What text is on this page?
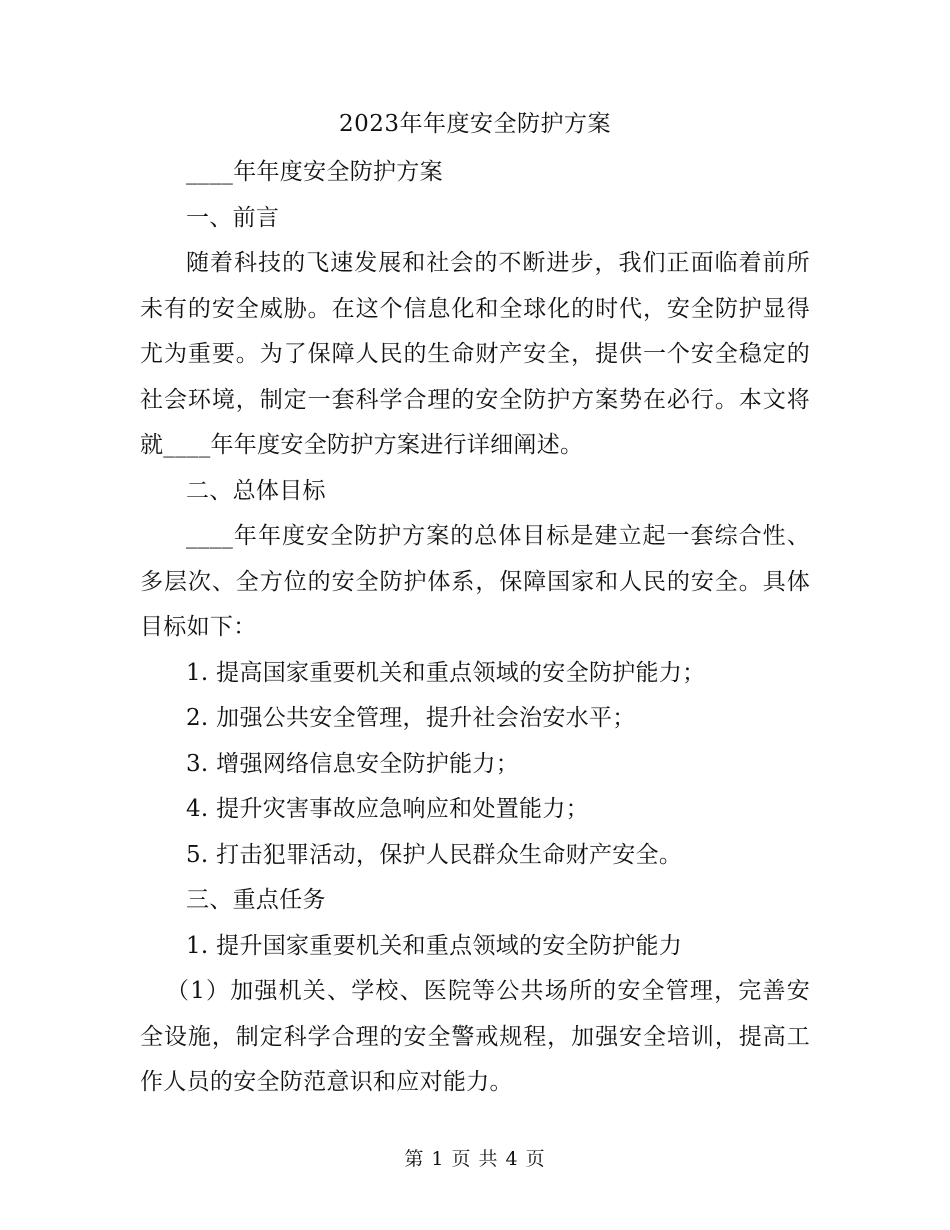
2023年年度安全防护方案

____年年度安全防护方案

一、前言

随着科技的飞速发展和社会的不断进步，我们正面临着前所未有的安全威胁。在这个信息化和全球化的时代，安全防护显得尤为重要。为了保障人民的生命财产安全，提供一个安全稳定的社会环境，制定一套科学合理的安全防护方案势在必行。本文将就____年年度安全防护方案进行详细阐述。

二、总体目标

____年年度安全防护方案的总体目标是建立起一套综合性、多层次、全方位的安全防护体系，保障国家和人民的安全。具体目标如下：

1. 提高国家重要机关和重点领域的安全防护能力；

2. 加强公共安全管理，提升社会治安水平；

3. 增强网络信息安全防护能力；

4. 提升灾害事故应急响应和处置能力；

5. 打击犯罪活动，保护人民群众生命财产安全。

三、重点任务

1. 提升国家重要机关和重点领域的安全防护能力

（1）加强机关、学校、医院等公共场所的安全管理，完善安全设施，制定科学合理的安全警戒规程，加强安全培训，提高工作人员的安全防范意识和应对能力。

第 1 页 共 4 页
